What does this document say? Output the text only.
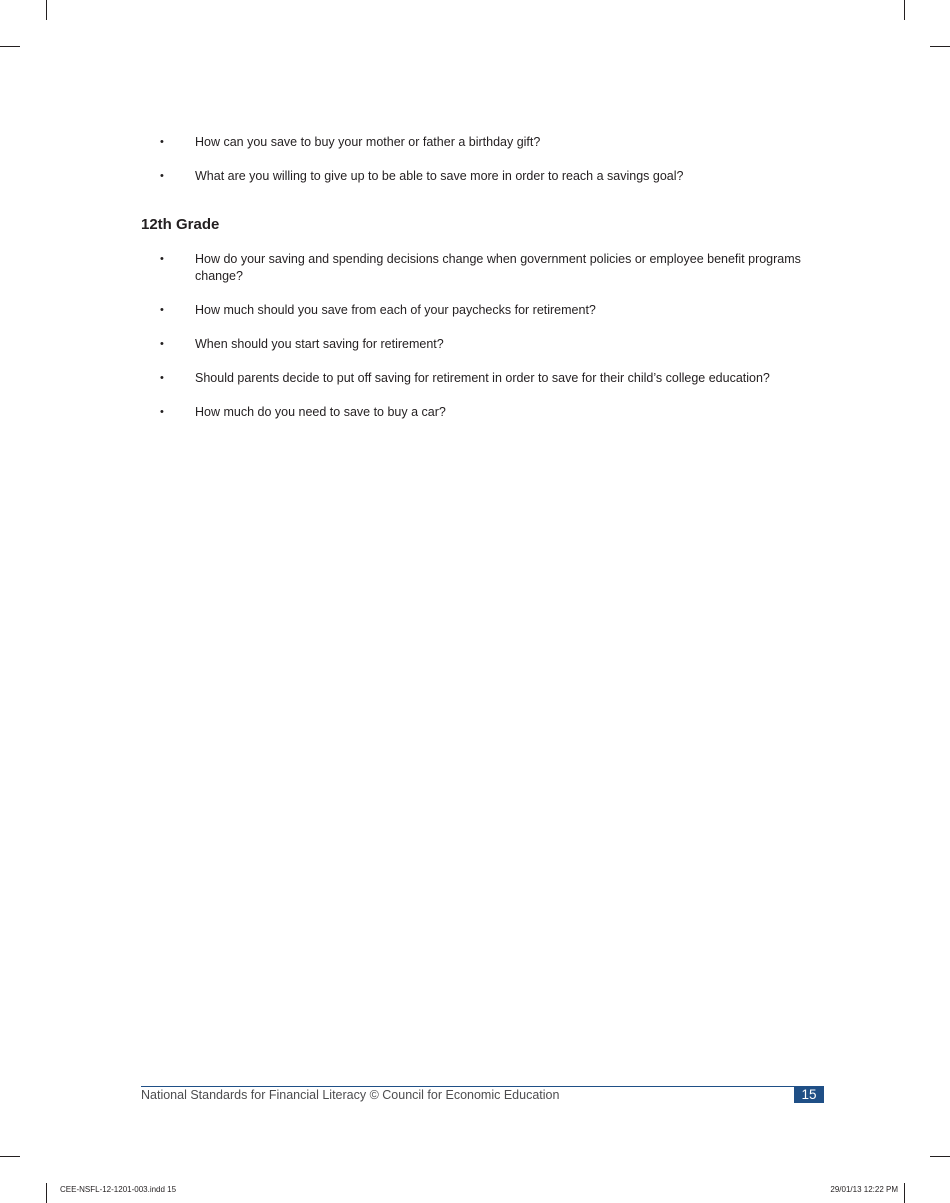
• How can you save to buy your mother or father a birthday gift?
• What are you willing to give up to be able to save more in order to reach a savings goal?
12th Grade
• How do your saving and spending decisions change when government policies or employee benefit programs change?
• How much should you save from each of your paychecks for retirement?
• When should you start saving for retirement?
• Should parents decide to put off saving for retirement in order to save for their child’s college education?
• How much do you need to save to buy a car?
National Standards for Financial Literacy © Council for Economic Education	15
CEE-NSFL-12-1201-003.indd 15	29/01/13 12:22 PM
